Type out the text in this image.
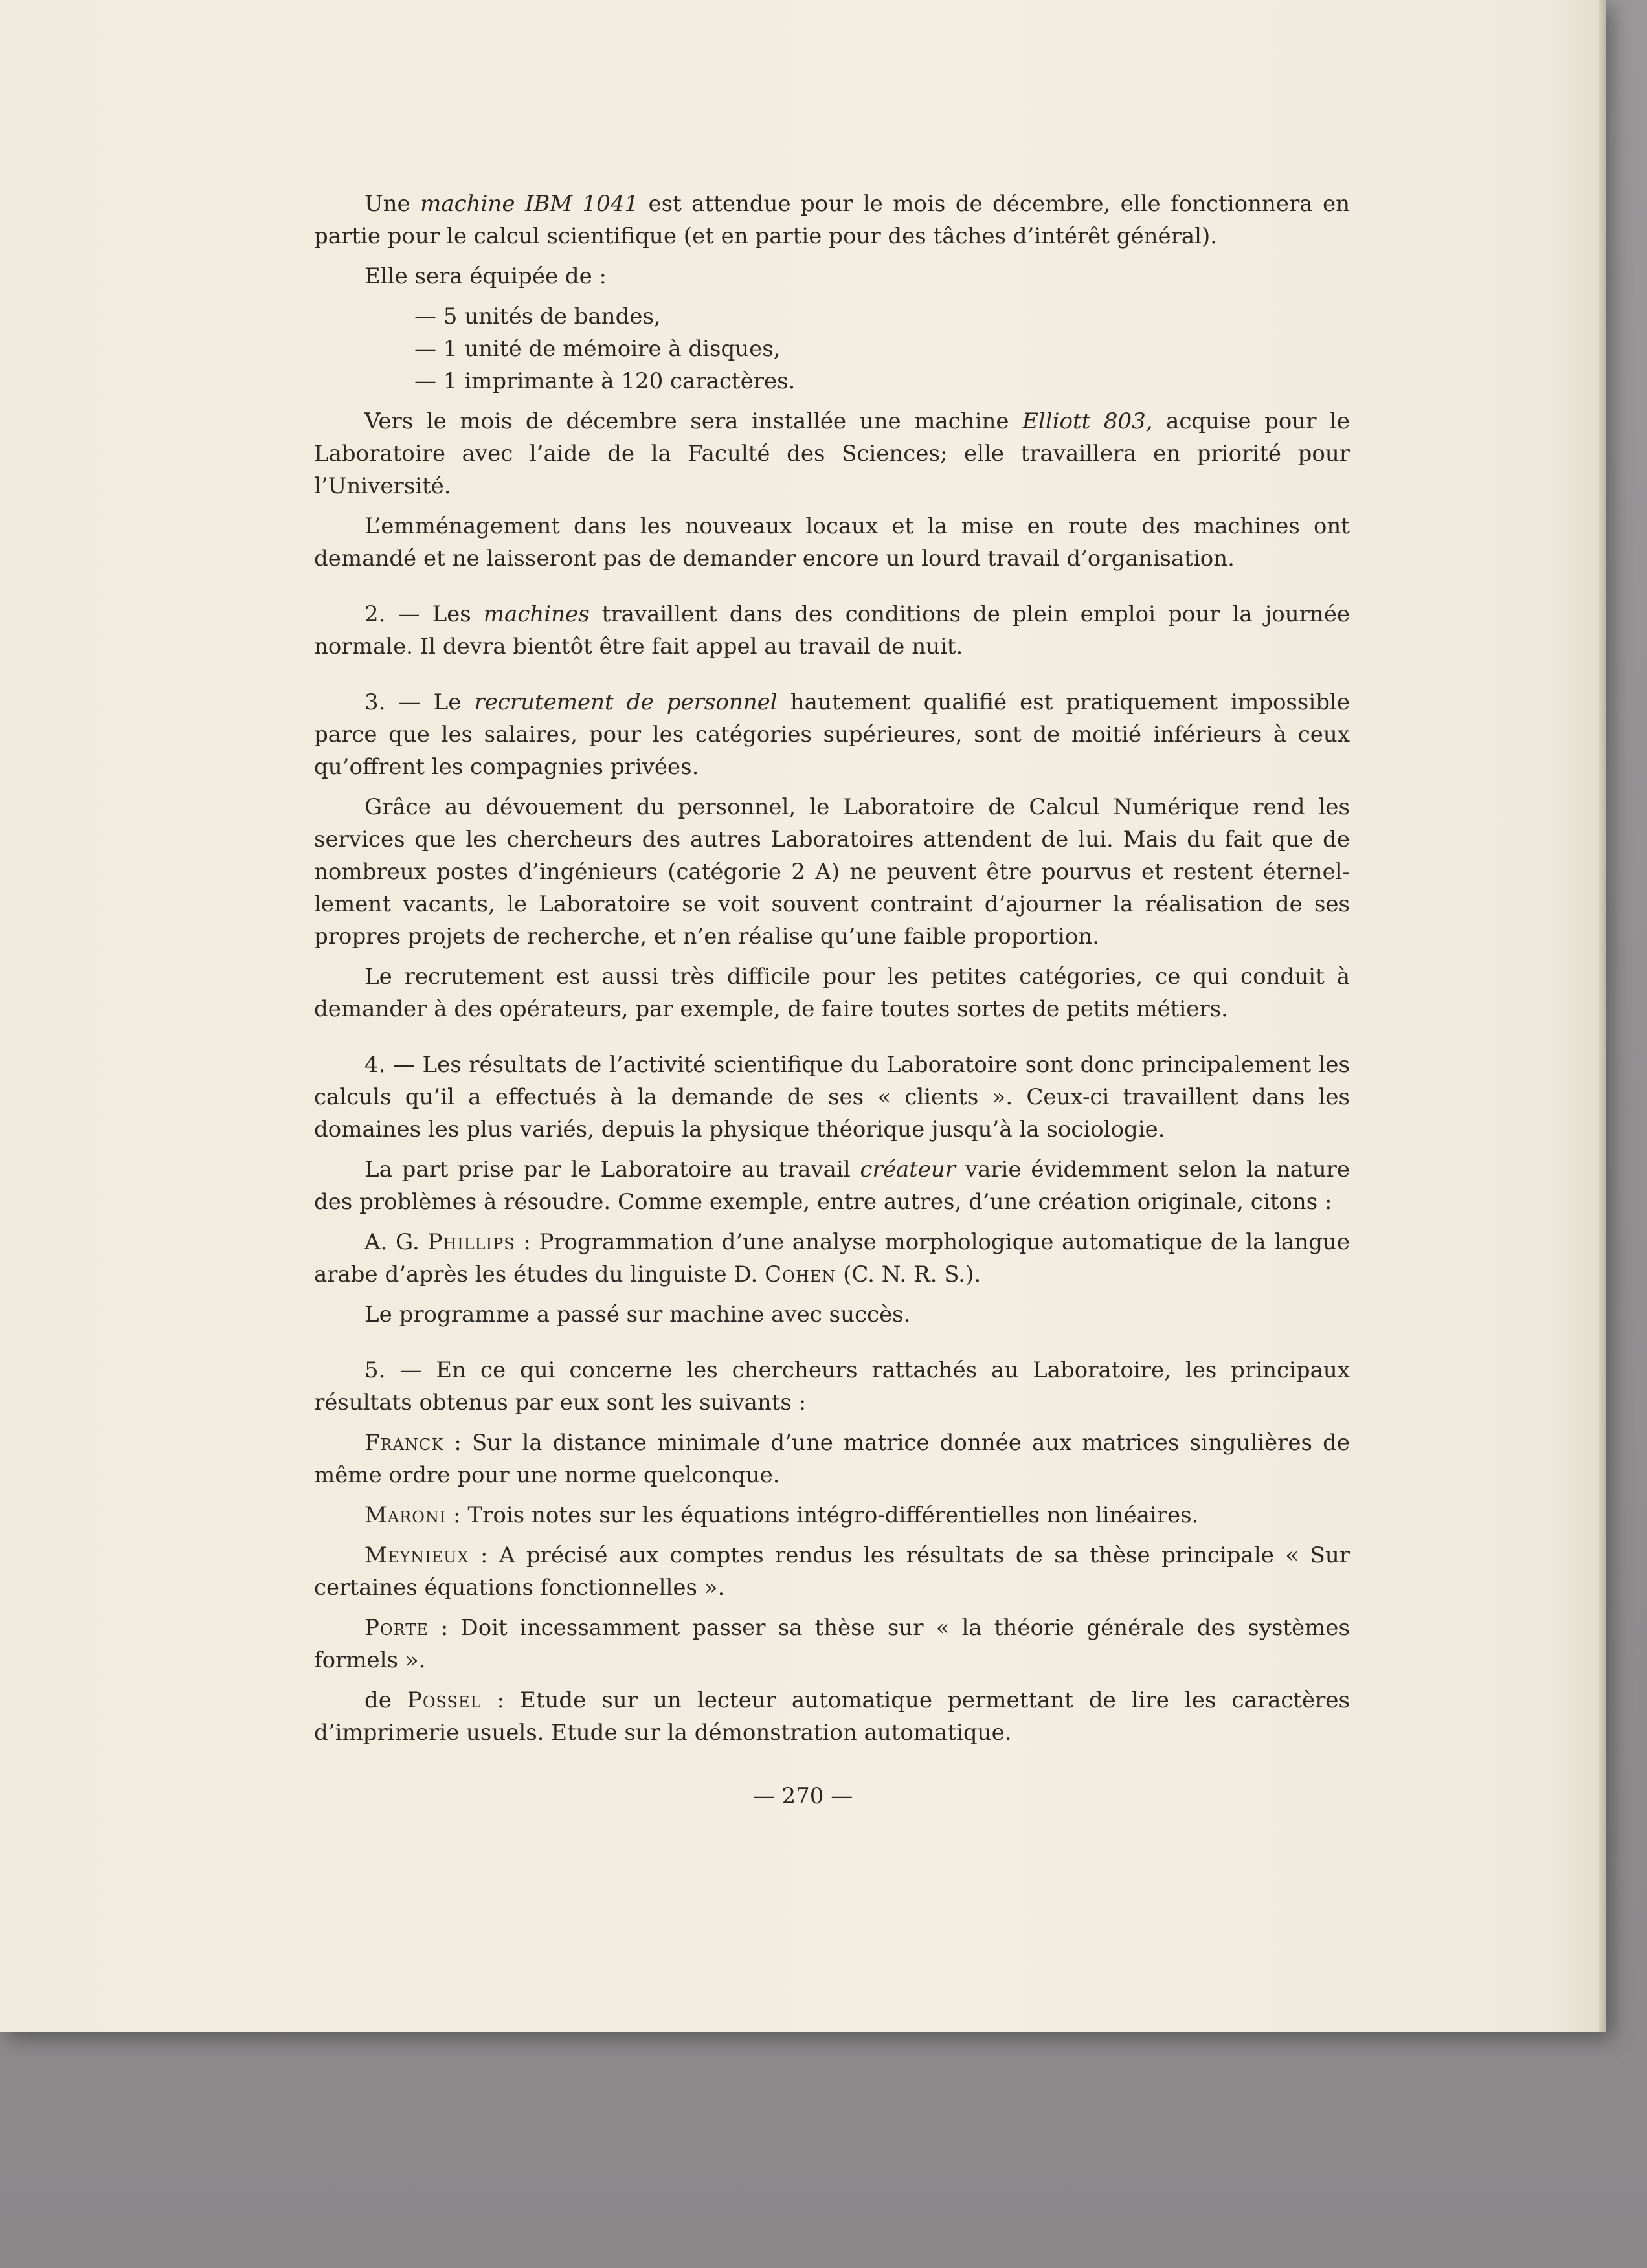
Une machine IBM 1041 est attendue pour le mois de décembre, elle fonctionnera en partie pour le calcul scientifique (et en partie pour des tâches d’intérêt général).

Elle sera équipée de :

— 5 unités de bandes,
— 1 unité de mémoire à disques,
— 1 imprimante à 120 caractères.

Vers le mois de décembre sera installée une machine Elliott 803, acquise pour le Laboratoire avec l’aide de la Faculté des Sciences; elle travaillera en priorité pour l’Université.

L’emménagement dans les nouveaux locaux et la mise en route des machines ont demandé et ne laisseront pas de demander encore un lourd travail d’organisation.

2. — Les machines travaillent dans des conditions de plein emploi pour la journée normale. Il devra bientôt être fait appel au travail de nuit.

3. — Le recrutement de personnel hautement qualifié est pratiquement impossible parce que les salaires, pour les catégories supérieures, sont de moitié inférieurs à ceux qu’offrent les compagnies privées.

Grâce au dévouement du personnel, le Laboratoire de Calcul Numérique rend les services que les chercheurs des autres Laboratoires attendent de lui. Mais du fait que de nombreux postes d’ingénieurs (catégorie 2 A) ne peuvent être pourvus et restent éternellement vacants, le Laboratoire se voit souvent contraint d’ajourner la réalisation de ses propres projets de recherche, et n’en réalise qu’une faible proportion.

Le recrutement est aussi très difficile pour les petites catégories, ce qui conduit à demander à des opérateurs, par exemple, de faire toutes sortes de petits métiers.

4. — Les résultats de l’activité scientifique du Laboratoire sont donc principalement les calculs qu’il a effectués à la demande de ses « clients ». Ceux-ci travaillent dans les domaines les plus variés, depuis la physique théorique jusqu’à la sociologie.

La part prise par le Laboratoire au travail créateur varie évidemment selon la nature des problèmes à résoudre. Comme exemple, entre autres, d’une création originale, citons :

A. G. Phillips : Programmation d’une analyse morphologique automatique de la langue arabe d’après les études du linguiste D. Cohen (C. N. R. S.).

Le programme a passé sur machine avec succès.

5. — En ce qui concerne les chercheurs rattachés au Laboratoire, les principaux résultats obtenus par eux sont les suivants :

Franck : Sur la distance minimale d’une matrice donnée aux matrices singulières de même ordre pour une norme quelconque.

Maroni : Trois notes sur les équations intégro-différentielles non linéaires.

Meynieux : A précisé aux comptes rendus les résultats de sa thèse principale « Sur certaines équations fonctionnelles ».

Porte : Doit incessamment passer sa thèse sur « la théorie générale des systèmes formels ».

de Possel : Etude sur un lecteur automatique permettant de lire les caractères d’imprimerie usuels. Etude sur la démonstration automatique.

— 270 —
